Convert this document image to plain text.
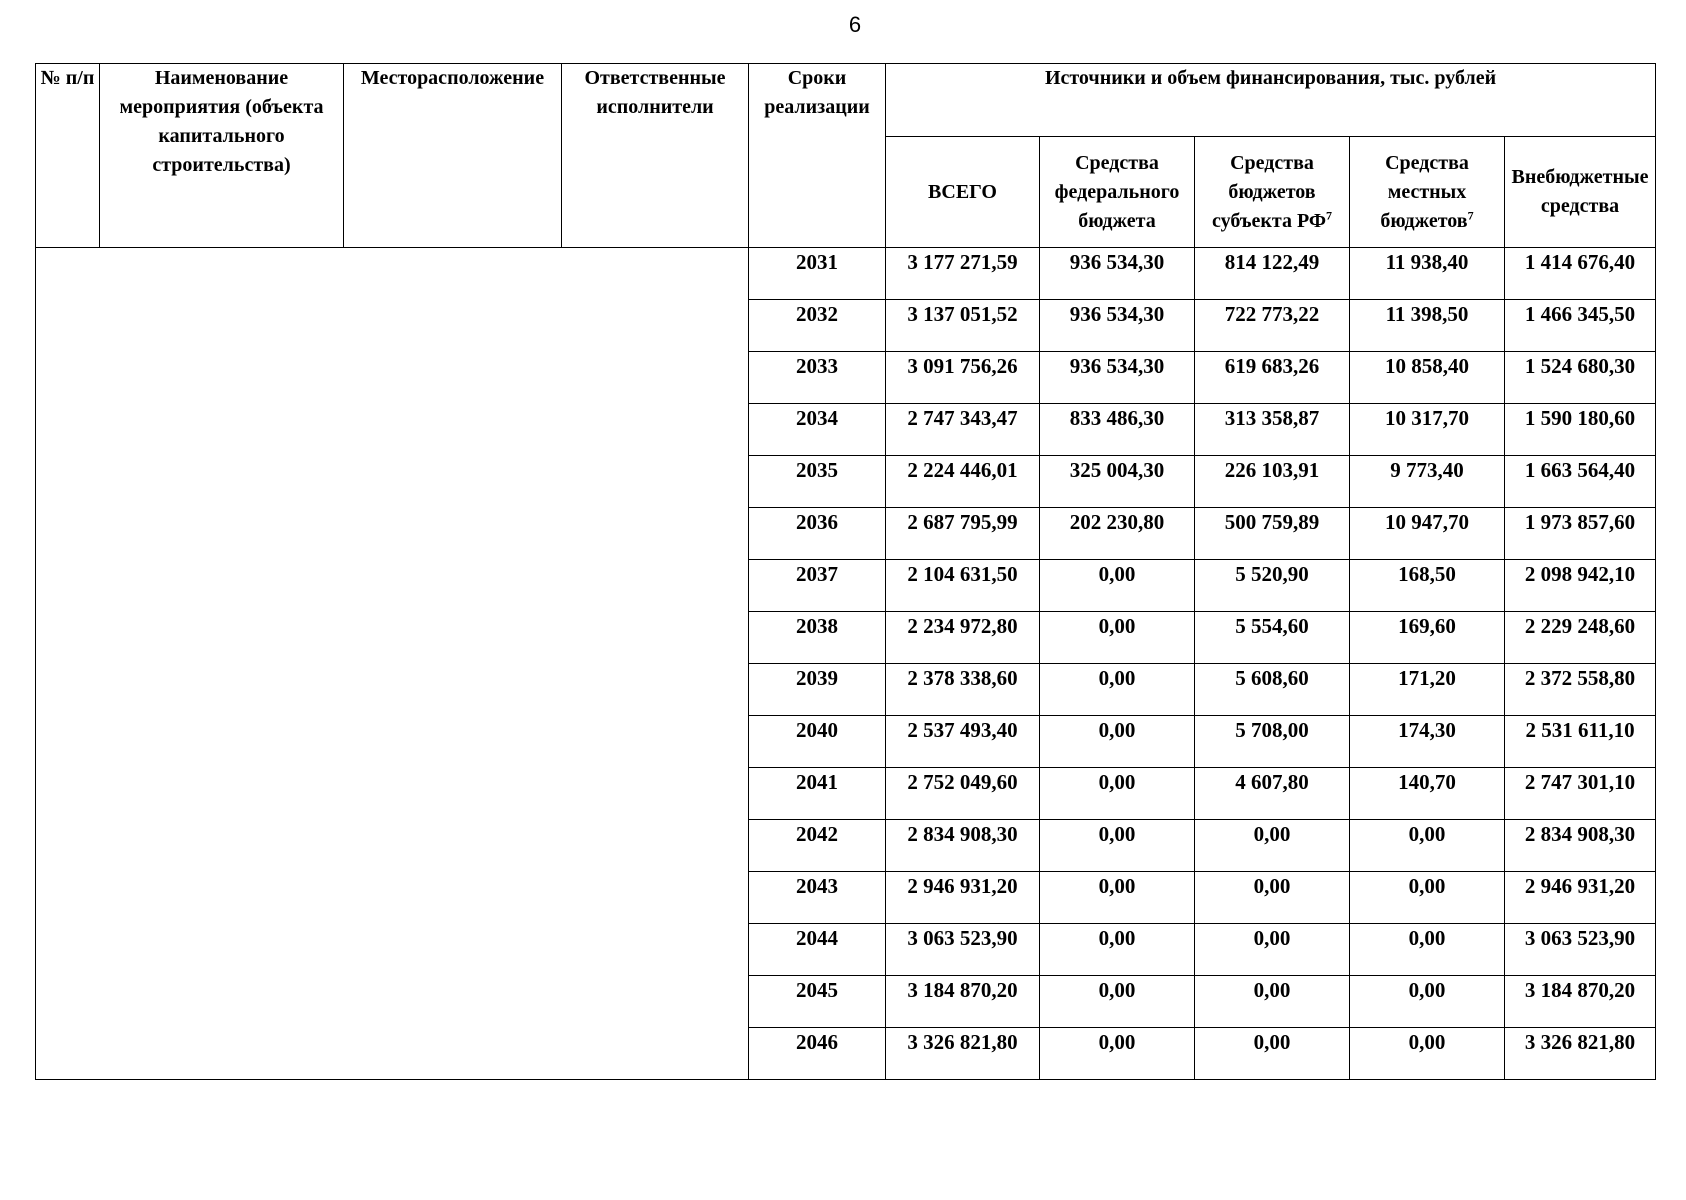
6
№ п/п	Наименование мероприятия (объекта капитального строительства)	Месторасположение	Ответственные исполнители	Сроки реализации	Источники и объем финансирования, тыс. рублей				
					ВСЕГО	Средства федерального бюджета	Средства бюджетов субъекта $РФ^7$	Средства местных бюджетов$^7$	Внебюджетные средства
				2031	3 177 271,59	936 534,30	814 122,49	11 938,40	1 414 676,40
				2032	3 137 051,52	936 534,30	722 773,22	11 398,50	1 466 345,50
				2033	3 091 756,26	936 534,30	619 683,26	10 858,40	1 524 680,30
				2034	2 747 343,47	833 486,30	313 358,87	10 317,70	1 590 180,60
				2035	2 224 446,01	325 004,30	226 103,91	9 773,40	1 663 564,40
				2036	2 687 795,99	202 230,80	500 759,89	10 947,70	1 973 857,60
				2037	2 104 631,50	0,00	5 520,90	168,50	2 098 942,10
				2038	2 234 972,80	0,00	5 554,60	169,60	2 229 248,60
				2039	2 378 338,60	0,00	5 608,60	171,20	2 372 558,80
				2040	2 537 493,40	0,00	5 708,00	174,30	2 531 611,10
				2041	2 752 049,60	0,00	4 607,80	140,70	2 747 301,10
				2042	2 834 908,30	0,00	0,00	0,00	2 834 908,30
				2043	2 946 931,20	0,00	0,00	0,00	2 946 931,20
				2044	3 063 523,90	0,00	0,00	0,00	3 063 523,90
				2045	3 184 870,20	0,00	0,00	0,00	3 184 870,20
				2046	3 326 821,80	0,00	0,00	0,00	3 326 821,80
